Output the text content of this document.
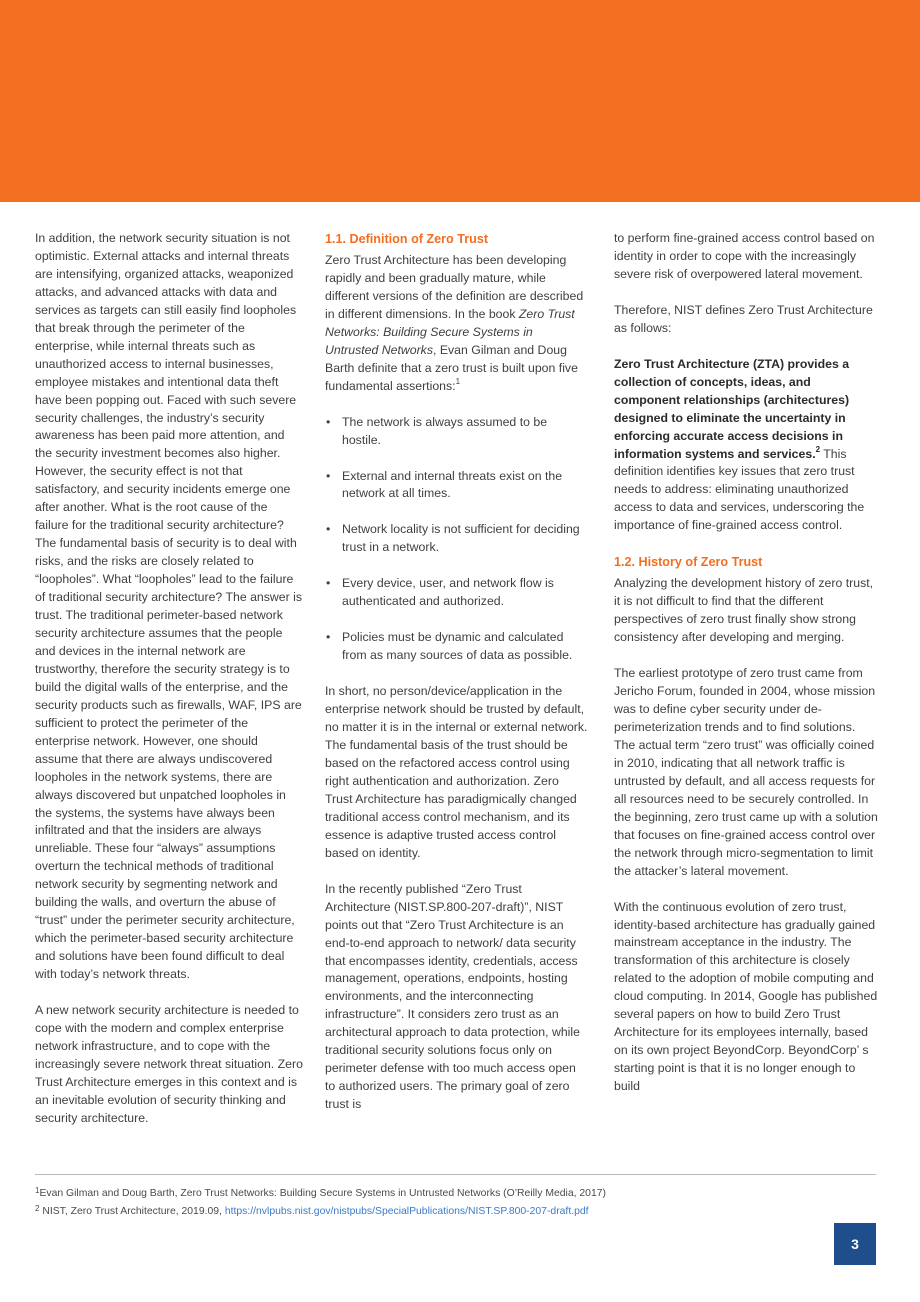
In addition, the network security situation is not optimistic. External attacks and internal threats are intensifying, organized attacks, weaponized attacks, and advanced attacks with data and services as targets can still easily find loopholes that break through the perimeter of the enterprise, while internal threats such as unauthorized access to internal businesses, employee mistakes and intentional data theft have been popping out. Faced with such severe security challenges, the industry’s security awareness has been paid more attention, and the security investment becomes also higher. However, the security effect is not that satisfactory, and security incidents emerge one after another. What is the root cause of the failure for the traditional security architecture? The fundamental basis of security is to deal with risks, and the risks are closely related to “loopholes”. What “loopholes” lead to the failure of traditional security architecture? The answer is trust. The traditional perimeter-based network security architecture assumes that the people and devices in the internal network are trustworthy, therefore the security strategy is to build the digital walls of the enterprise, and the security products such as firewalls, WAF, IPS are sufficient to protect the perimeter of the enterprise network. However, one should assume that there are always undiscovered loopholes in the network systems, there are always discovered but unpatched loopholes in the systems, the systems have always been infiltrated and that the insiders are always unreliable. These four “always” assumptions overturn the technical methods of traditional network security by segmenting network and building the walls, and overturn the abuse of “trust” under the perimeter security architecture, which the perimeter-based security architecture and solutions have been found difficult to deal with today’s network threats.

A new network security architecture is needed to cope with the modern and complex enterprise network infrastructure, and to cope with the increasingly severe network threat situation. Zero Trust Architecture emerges in this context and is an inevitable evolution of security thinking and security architecture.

1.1. Definition of Zero Trust

Zero Trust Architecture has been developing rapidly and been gradually mature, while different versions of the definition are described in different dimensions. In the book Zero Trust Networks: Building Secure Systems in Untrusted Networks, Evan Gilman and Doug Barth definite that a zero trust is built upon five fundamental assertions:$^1$

• The network is always assumed to be hostile.
• External and internal threats exist on the network at all times.
• Network locality is not sufficient for deciding trust in a network.
• Every device, user, and network flow is authenticated and authorized.
• Policies must be dynamic and calculated from as many sources of data as possible.

In short, no person/device/application in the enterprise network should be trusted by default, no matter it is in the internal or external network. The fundamental basis of the trust should be based on the refactored access control using right authentication and authorization. Zero Trust Architecture has paradigmically changed traditional access control mechanism, and its essence is adaptive trusted access control based on identity.

In the recently published “Zero Trust Architecture (NIST.SP.800-207-draft)”, NIST points out that “Zero Trust Architecture is an end-to-end approach to network/ data security that encompasses identity, credentials, access management, operations, endpoints, hosting environments, and the interconnecting infrastructure”. It considers zero trust as an architectural approach to data protection, while traditional security solutions focus only on perimeter defense with too much access open to authorized users. The primary goal of zero trust is

to perform fine-grained access control based on identity in order to cope with the increasingly severe risk of overpowered lateral movement.

Therefore, NIST defines Zero Trust Architecture as follows:

Zero Trust Architecture (ZTA) provides a collection of concepts, ideas, and component relationships (architectures) designed to eliminate the uncertainty in enforcing accurate access decisions in information systems and services.$^2$ This definition identifies key issues that zero trust needs to address: eliminating unauthorized access to data and services, underscoring the importance of fine-grained access control.

1.2. History of Zero Trust

Analyzing the development history of zero trust, it is not difficult to find that the different perspectives of zero trust finally show strong consistency after developing and merging.

The earliest prototype of zero trust came from Jericho Forum, founded in 2004, whose mission was to define cyber security under de-perimeterization trends and to find solutions. The actual term “zero trust” was officially coined in 2010, indicating that all network traffic is untrusted by default, and all access requests for all resources need to be securely controlled. In the beginning, zero trust came up with a solution that focuses on fine-grained access control over the network through micro-segmentation to limit the attacker’s lateral movement.

With the continuous evolution of zero trust, identity-based architecture has gradually gained mainstream acceptance in the industry. The transformation of this architecture is closely related to the adoption of mobile computing and cloud computing. In 2014, Google has published several papers on how to build Zero Trust Architecture for its employees internally, based on its own project BeyondCorp. BeyondCorp’ s starting point is that it is no longer enough to build

$^1$Evan Gilman and Doug Barth, Zero Trust Networks: Building Secure Systems in Untrusted Networks (O’Reilly Media, 2017)
$^2$ NIST, Zero Trust Architecture, 2019.09, https://nvlpubs.nist.gov/nistpubs/SpecialPublications/NIST.SP.800-207-draft.pdf
3
